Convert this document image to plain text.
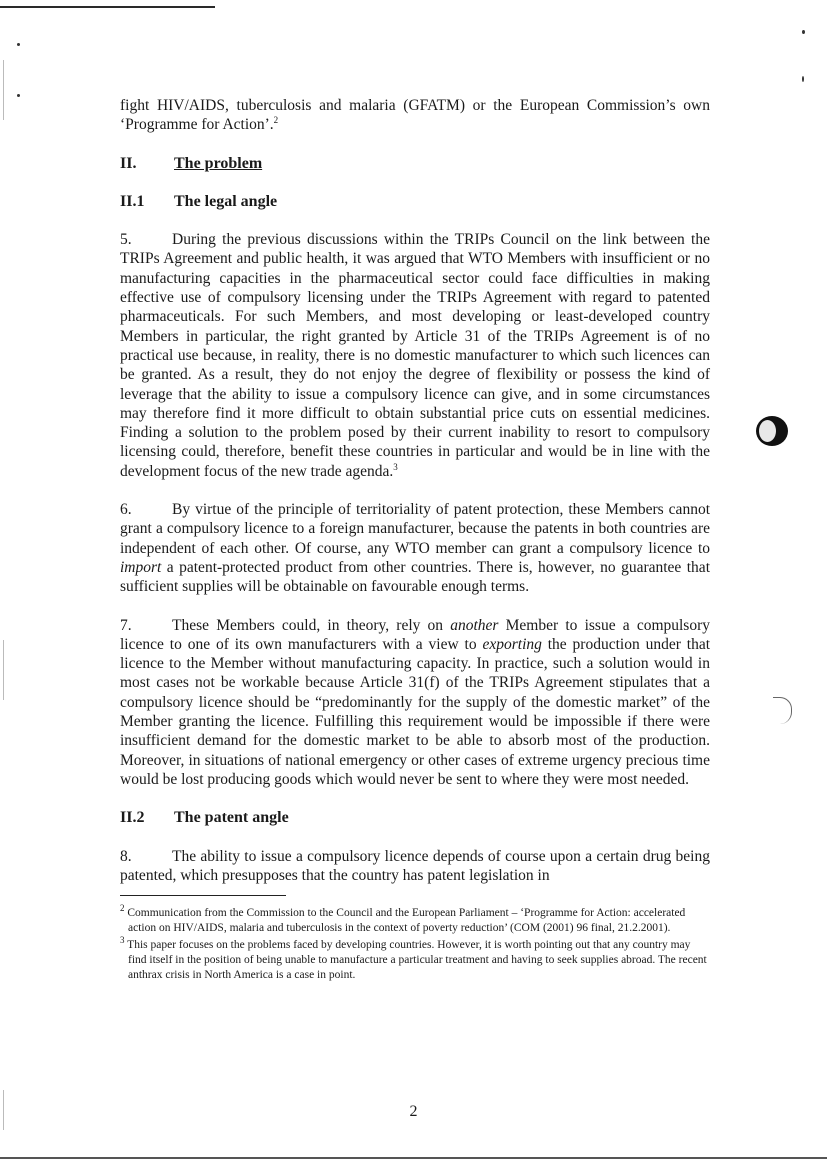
fight HIV/AIDS, tuberculosis and malaria (GFATM) or the European Commission’s own ‘Programme for Action’.$^2$

II. The problem
II.1 The legal angle

5.	During the previous discussions within the TRIPs Council on the link between the TRIPs Agreement and public health, it was argued that WTO Members with insufficient or no manufacturing capacities in the pharmaceutical sector could face difficulties in making effective use of compulsory licensing under the TRIPs Agreement with regard to patented pharmaceuticals. For such Members, and most developing or least-developed country Members in particular, the right granted by Article 31 of the TRIPs Agreement is of no practical use because, in reality, there is no domestic manufacturer to which such licences can be granted. As a result, they do not enjoy the degree of flexibility or possess the kind of leverage that the ability to issue a compulsory licence can give, and in some circumstances may therefore find it more difficult to obtain substantial price cuts on essential medicines. Finding a solution to the problem posed by their current inability to resort to compulsory licensing could, therefore, benefit these countries in particular and would be in line with the development focus of the new trade agenda.$^3$

6.	By virtue of the principle of territoriality of patent protection, these Members cannot grant a compulsory licence to a foreign manufacturer, because the patents in both countries are independent of each other. Of course, any WTO member can grant a compulsory licence to import a patent-protected product from other countries. There is, however, no guarantee that sufficient supplies will be obtainable on favourable enough terms.

7.	These Members could, in theory, rely on another Member to issue a compulsory licence to one of its own manufacturers with a view to exporting the production under that licence to the Member without manufacturing capacity. In practice, such a solution would in most cases not be workable because Article 31(f) of the TRIPs Agreement stipulates that a compulsory licence should be “predominantly for the supply of the domestic market” of the Member granting the licence. Fulfilling this requirement would be impossible if there were insufficient demand for the domestic market to be able to absorb most of the production. Moreover, in situations of national emergency or other cases of extreme urgency precious time would be lost producing goods which would never be sent to where they were most needed.

II.2 The patent angle

8.	The ability to issue a compulsory licence depends of course upon a certain drug being patented, which presupposes that the country has patent legislation in

$^2$ Communication from the Commission to the Council and the European Parliament – ‘Programme for Action: accelerated action on HIV/AIDS, malaria and tuberculosis in the context of poverty reduction’ (COM (2001) 96 final, 21.2.2001).

$^3$ This paper focuses on the problems faced by developing countries. However, it is worth pointing out that any country may find itself in the position of being unable to manufacture a particular treatment and having to seek supplies abroad. The recent anthrax crisis in North America is a case in point.

2
